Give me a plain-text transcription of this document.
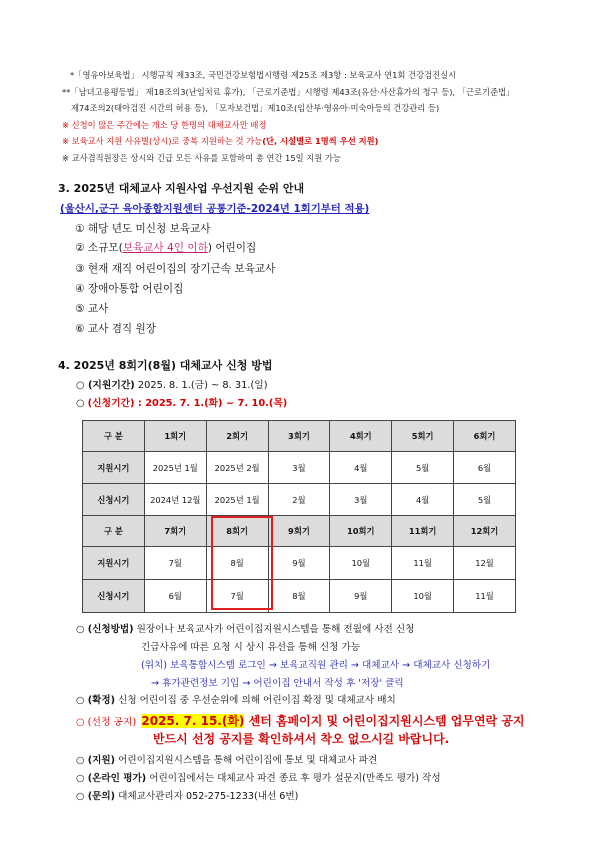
*「영유아보육법」 시행규칙 제33조, 국민건강보험법시행령 제25조 제3항 : 보육교사 연1회 건강검진실시
**「남녀고용평등법」 제18조의3(난임치료 휴가), 「근로기준법」시행령 제43조(유산·사산휴가의 청구 등), 「근로기준법」
제74조의2(태아검진 시간의 허용 등), 「모자보건법」제10조(임산부·영유아·미숙아등의 건강관리 등)
※ 신청이 많은 주간에는 개소 당 한명의 대체교사만 배정
※ 보육교사 지원 사유별(상시)로 중복 지원하는 것 가능(단, 시설별로 1명씩 우선 지원)
※ 교사겸직원장은 상시와 긴급 모든 사유를 포함하여 총 연간 15일 지원 가능
3. 2025년 대체교사 지원사업 우선지원 순위 안내
(울산시,군구 육아종합지원센터 공통기준-2024년 1회기부터 적용)
① 해당 년도 미신청 보육교사
② 소규모(보육교사 4인 이하) 어린이집
③ 현재 재직 어린이집의 장기근속 보육교사
④ 장애아통합 어린이집
⑤ 교사
⑥ 교사 겸직 원장
4. 2025년 8회기(8월) 대체교사 신청 방법
○ (지원기간) 2025. 8. 1.(금) ~ 8. 31.(일)
○ (신청기간) : 2025. 7. 1.(화) ~ 7. 10.(목)
구 분	1회기	2회기	3회기	4회기	5회기	6회기
지원시기	2025년 1월	2025년 2월	3월	4월	5월	6월
신청시기	2024년 12월	2025년 1월	2월	3월	4월	5월
구 분	7회기	8회기	9회기	10회기	11회기	12회기
지원시기	7월	8월	9월	10월	11월	12월
신청시기	6월	7월	8월	9월	10월	11월
○ (신청방법) 원장이나 보육교사가 어린이집지원시스템을 통해 전월에 사전 신청
긴급사유에 따른 요청 시 상시 유선을 통해 신청 가능
(위치) 보육통합시스템 로그인 → 보육교직원 관리 → 대체교사 → 대체교사 신청하기
→ 휴가관련정보 기입 → 어린이집 안내서 작성 후 '저장' 클릭
○ (확정) 신청 어린이집 중 우선순위에 의해 어린이집 확정 및 대체교사 배치
○ (선정 공지) 2025. 7. 15.(화) 센터 홈페이지 및 어린이집지원시스템 업무연락 공지
반드시 선정 공지를 확인하셔서 착오 없으시길 바랍니다.
○ (지원) 어린이집지원시스템을 통해 어린이집에 통보 및 대체교사 파견
○ (온라인 평가) 어린이집에서는 대체교사 파견 종료 후 평가 설문지(만족도 평가) 작성
○ (문의) 대체교사관리자 052-275-1233(내선 6번)
